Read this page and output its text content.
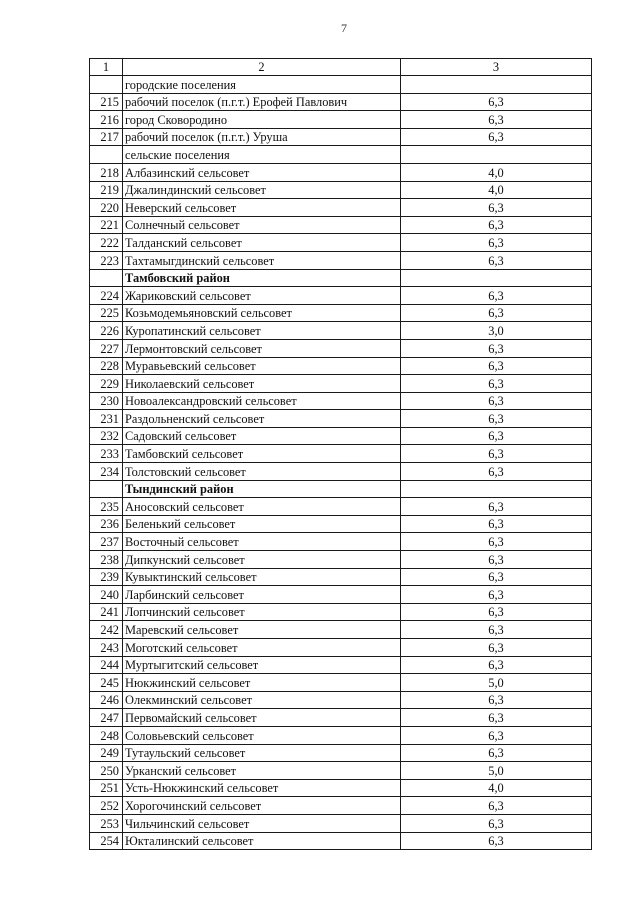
7
1	2	3
	городские поселения	
215	рабочий поселок (п.г.т.) Ерофей Павлович	6,3
216	город Сковородино	6,3
217	рабочий поселок (п.г.т.) Уруша	6,3
	сельские поселения	
218	Албазинский сельсовет	4,0
219	Джалиндинский сельсовет	4,0
220	Неверский сельсовет	6,3
221	Солнечный сельсовет	6,3
222	Талданский сельсовет	6,3
223	Тахтамыгдинский сельсовет	6,3
	Тамбовский район	
224	Жариковский сельсовет	6,3
225	Козьмодемьяновский сельсовет	6,3
226	Куропатинский сельсовет	3,0
227	Лермонтовский сельсовет	6,3
228	Муравьевский сельсовет	6,3
229	Николаевский сельсовет	6,3
230	Новоалександровский сельсовет	6,3
231	Раздольненский сельсовет	6,3
232	Садовский сельсовет	6,3
233	Тамбовский сельсовет	6,3
234	Толстовский сельсовет	6,3
	Тындинский район	
235	Аносовский сельсовет	6,3
236	Беленький сельсовет	6,3
237	Восточный сельсовет	6,3
238	Дипкунский сельсовет	6,3
239	Кувыктинский сельсовет	6,3
240	Ларбинский сельсовет	6,3
241	Лопчинский сельсовет	6,3
242	Маревский сельсовет	6,3
243	Моготский сельсовет	6,3
244	Муртыгитский сельсовет	6,3
245	Нюкжинский сельсовет	5,0
246	Олекминский сельсовет	6,3
247	Первомайский сельсовет	6,3
248	Соловьевский сельсовет	6,3
249	Тутаульский сельсовет	6,3
250	Урканский сельсовет	5,0
251	Усть-Нюкжинский сельсовет	4,0
252	Хорогочинский сельсовет	6,3
253	Чильчинский сельсовет	6,3
254	Юкталинский сельсовет	6,3
